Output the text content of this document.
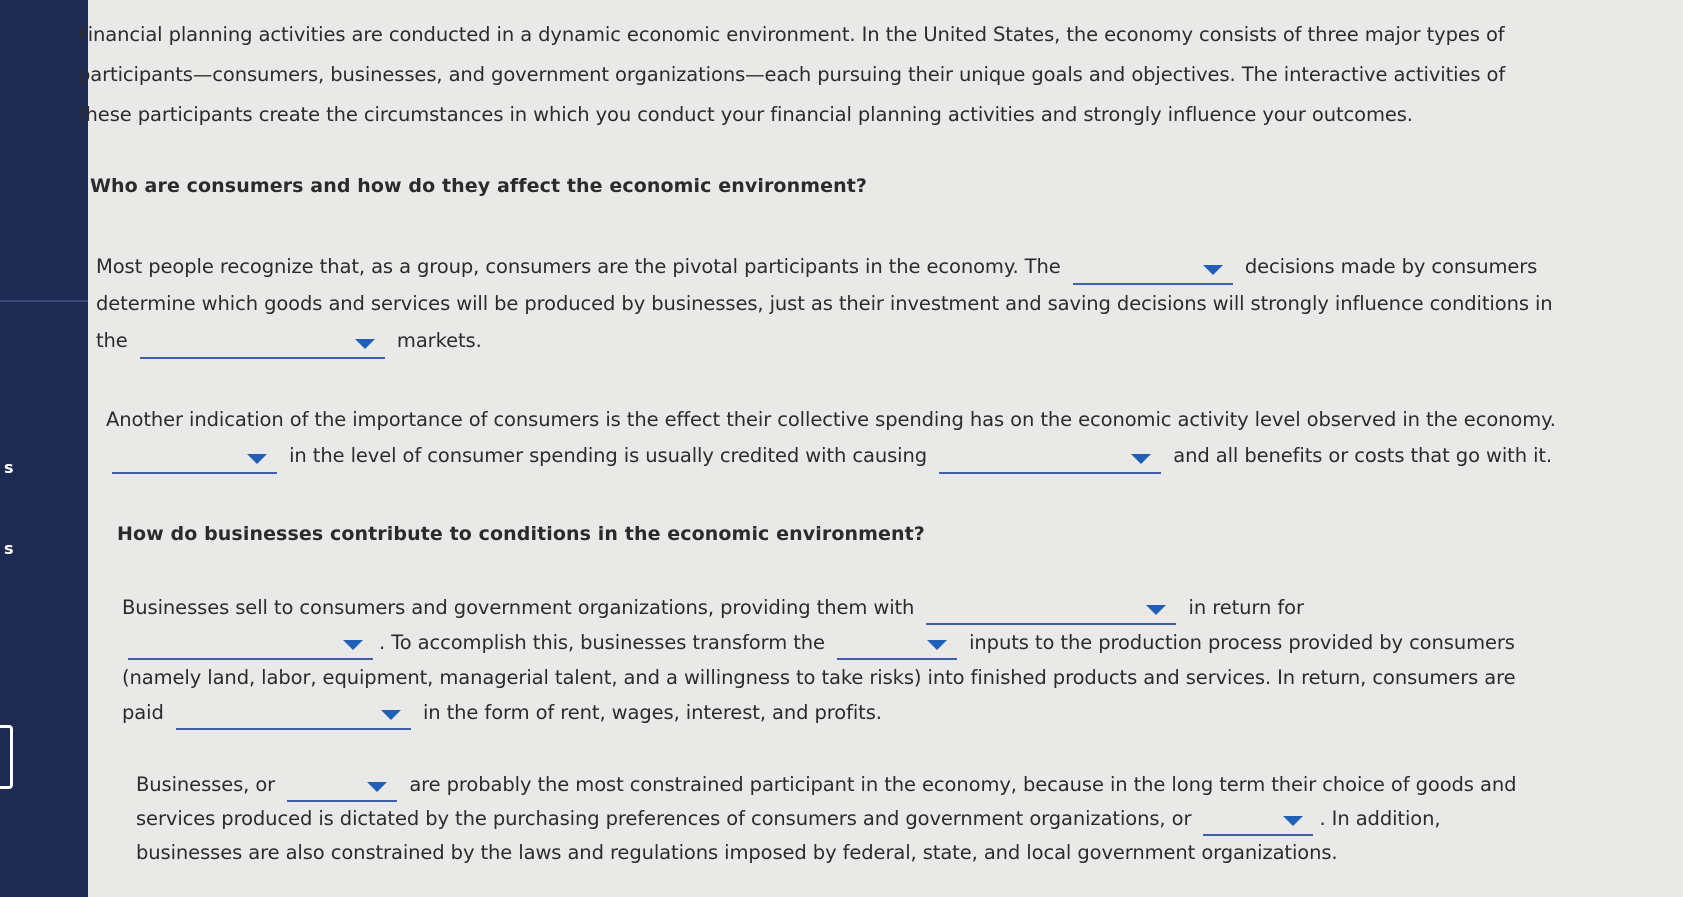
s
s
Financial planning activities are conducted in a dynamic economic environment. In the United States, the economy consists of three major types of participants—consumers, businesses, and government organizations—each pursuing their unique goals and objectives. The interactive activities of these participants create the circumstances in which you conduct your financial planning activities and strongly influence your outcomes.
Who are consumers and how do they affect the economic environment?
Most people recognize that, as a group, consumers are the pivotal participants in the economy. The	decisions made by consumers determine which goods and services will be produced by businesses, just as their investment and saving decisions will strongly influence conditions in the	markets.
Another indication of the importance of consumers is the effect their collective spending has on the economic activity level observed in the economy.
in the level of consumer spending is usually credited with causing	and all benefits or costs that go with it.
How do businesses contribute to conditions in the economic environment?
Businesses sell to consumers and government organizations, providing them with	in return for
. To accomplish this, businesses transform the	inputs to the production process provided by consumers (namely land, labor, equipment, managerial talent, and a willingness to take risks) into finished products and services. In return, consumers are paid	in the form of rent, wages, interest, and profits.
Businesses, or	are probably the most constrained participant in the economy, because in the long term their choice of goods and services produced is dictated by the purchasing preferences of consumers and government organizations, or	. In addition, businesses are also constrained by the laws and regulations imposed by federal, state, and local government organizations.
